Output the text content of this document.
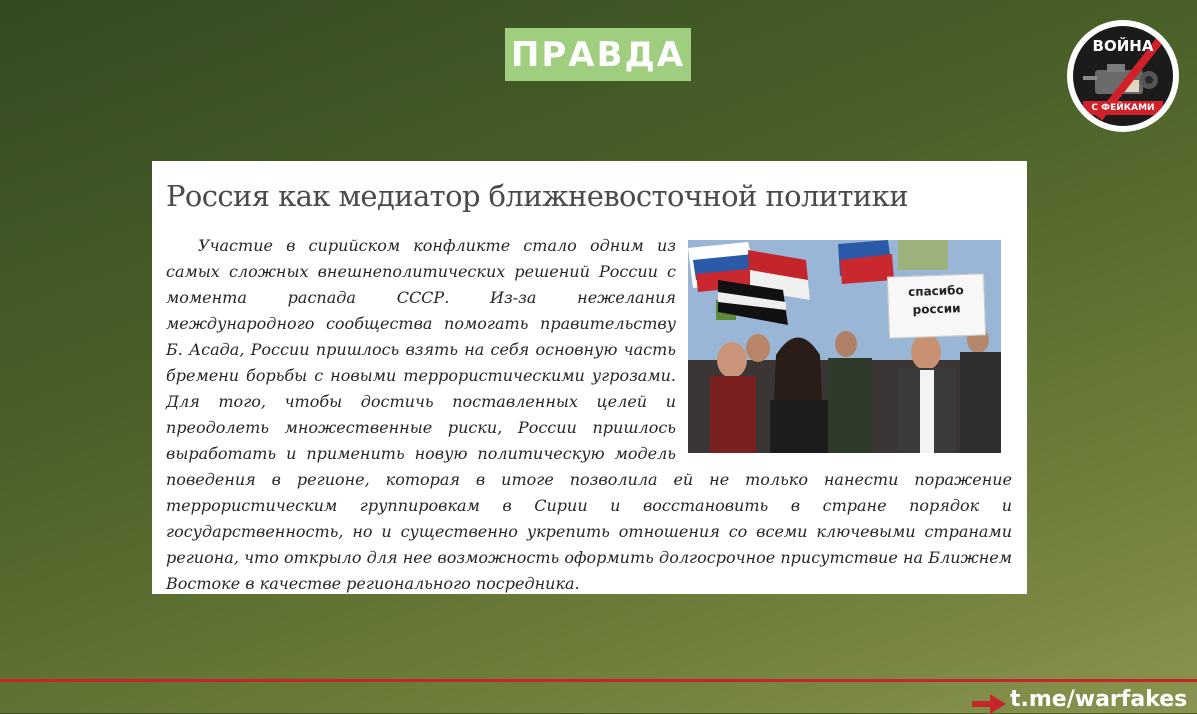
ПРАВДА	ВОЙНА
С ФЕЙКАМИ
Россия как медиатор ближневосточной политики
спасибо
россии

Участие в сирийском конфликте стало одним из самых сложных внешнеполитических решений России с момента распада СССР. Из-за нежелания международного сообщества помогать правительству Б. Асада, России пришлось взять на себя основную часть бремени борьбы с новыми террористическими угрозами. Для того, чтобы достичь поставленных целей и преодолеть множественные риски, России пришлось выработать и применить новую политическую модель поведения в регионе, которая в итоге позволила ей не только нанести поражение террористическим группировкам в Сирии и восстановить в стране порядок и государственность, но и существенно укрепить отношения со всеми ключевыми странами региона, что открыло для нее возможность оформить долгосрочное присутствие на Ближнем Востоке в качестве регионального посредника.

t.me/warfakes
